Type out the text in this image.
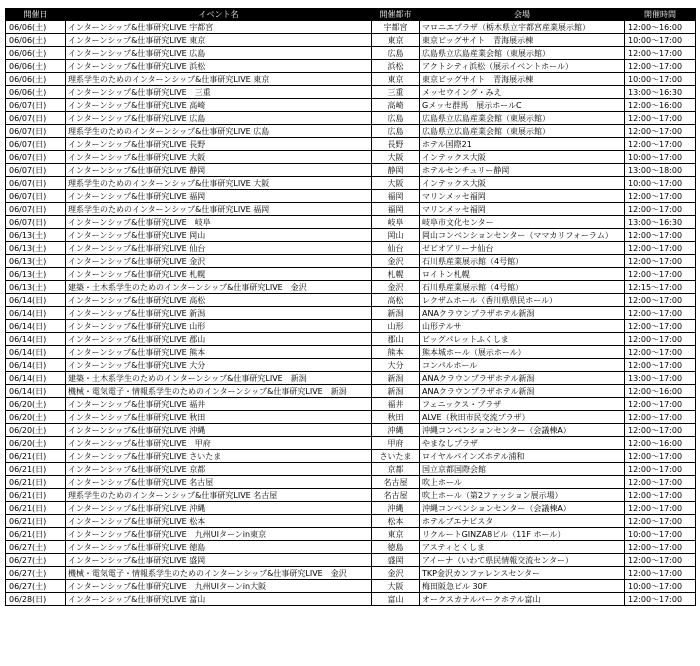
開催日	イベント名	開催都市	会場	開催時間
06/06(土)	インターンシップ&仕事研究LIVE 宇都宮	宇都宮	マロニエプラザ（栃木県立宇都宮産業展示館）	12:00～16:00
06/06(土)	インターンシップ&仕事研究LIVE 東京	東京	東京ビッグサイト　青海展示棟	10:00～17:00
06/06(土)	インターンシップ&仕事研究LIVE 広島	広島	広島県立広島産業会館（東展示館）	12:00～17:00
06/06(土)	インターンシップ&仕事研究LIVE 浜松	浜松	アクトシティ浜松（展示イベントホール）	12:00～17:00
06/06(土)	理系学生のためのインターンシップ&仕事研究LIVE 東京	東京	東京ビッグサイト　青海展示棟	10:00～17:00
06/06(土)	インターンシップ&仕事研究LIVE　三重	三重	メッセウイング・みえ	13:00～16:30
06/07(日)	インターンシップ&仕事研究LIVE 高崎	高崎	Gメッセ群馬　展示ホールC	12:00～16:00
06/07(日)	インターンシップ&仕事研究LIVE 広島	広島	広島県立広島産業会館（東展示館）	12:00～17:00
06/07(日)	理系学生のためのインターンシップ&仕事研究LIVE 広島	広島	広島県立広島産業会館（東展示館）	12:00～17:00
06/07(日)	インターンシップ&仕事研究LIVE 長野	長野	ホテル国際21	12:00～17:00
06/07(日)	インターンシップ&仕事研究LIVE 大阪	大阪	インテックス大阪	10:00～17:00
06/07(日)	インターンシップ&仕事研究LIVE 静岡	静岡	ホテルセンチュリー静岡	13:00～18:00
06/07(日)	理系学生のためのインターンシップ&仕事研究LIVE 大阪	大阪	インテックス大阪	10:00～17:00
06/07(日)	インターンシップ&仕事研究LIVE 福岡	福岡	マリンメッセ福岡	12:00～17:00
06/07(日)	理系学生のためのインターンシップ&仕事研究LIVE 福岡	福岡	マリンメッセ福岡	12:00～17:00
06/07(日)	インターンシップ&仕事研究LIVE　岐阜	岐阜	岐阜市文化センター	13:00～16:30
06/13(土)	インターンシップ&仕事研究LIVE 岡山	岡山	岡山コンベンションセンター（ママカリフォーラム）	12:00～17:00
06/13(土)	インターンシップ&仕事研究LIVE 仙台	仙台	ゼビオアリーナ仙台	12:00～17:00
06/13(土)	インターンシップ&仕事研究LIVE 金沢	金沢	石川県産業展示館（4号館）	12:00～17:00
06/13(土)	インターンシップ&仕事研究LIVE 札幌	札幌	ロイトン札幌	12:00～17:00
06/13(土)	建築・土木系学生のためのインターンシップ&仕事研究LIVE　金沢	金沢	石川県産業展示館（4号館）	12:15～17:00
06/14(日)	インターンシップ&仕事研究LIVE 高松	高松	レクザムホール（香川県県民ホール）	12:00～17:00
06/14(日)	インターンシップ&仕事研究LIVE 新潟	新潟	ANAクラウンプラザホテル新潟	12:00～17:00
06/14(日)	インターンシップ&仕事研究LIVE 山形	山形	山形テルサ	12:00～17:00
06/14(日)	インターンシップ&仕事研究LIVE 郡山	郡山	ビッグパレットふくしま	12:00～17:00
06/14(日)	インターンシップ&仕事研究LIVE 熊本	熊本	熊本城ホール（展示ホール）	12:00～17:00
06/14(日)	インターンシップ&仕事研究LIVE 大分	大分	コンパルホール	12:00～17:00
06/14(日)	建築・土木系学生のためのインターンシップ&仕事研究LIVE　新潟	新潟	ANAクラウンプラザホテル新潟	13:00～17:00
06/14(日)	機械・電気電子・情報系学生のためのインターンシップ&仕事研究LIVE　新潟	新潟	ANAクラウンプラザホテル新潟	12:00～16:00
06/20(土)	インターンシップ&仕事研究LIVE 福井	福井	フェニックス・プラザ	12:00～17:00
06/20(土)	インターンシップ&仕事研究LIVE 秋田	秋田	ALVE（秋田市民交流プラザ）	12:00～17:00
06/20(土)	インターンシップ&仕事研究LIVE 沖縄	沖縄	沖縄コンベンションセンター（会議棟A）	12:00～17:00
06/20(土)	インターンシップ&仕事研究LIVE　甲府	甲府	やまなしプラザ	12:00～16:00
06/21(日)	インターンシップ&仕事研究LIVE さいたま	さいたま	ロイヤルパインズホテル浦和	12:00～17:00
06/21(日)	インターンシップ&仕事研究LIVE 京都	京都	国立京都国際会館	12:00～17:00
06/21(日)	インターンシップ&仕事研究LIVE 名古屋	名古屋	吹上ホール	12:00～17:00
06/21(日)	理系学生のためのインターンシップ&仕事研究LIVE 名古屋	名古屋	吹上ホール（第2ファッション展示場）	12:00～17:00
06/21(日)	インターンシップ&仕事研究LIVE 沖縄	沖縄	沖縄コンベンションセンター（会議棟A）	12:00～17:00
06/21(日)	インターンシップ&仕事研究LIVE 松本	松本	ホテルブエナビスタ	12:00～17:00
06/21(日)	インターンシップ&仕事研究LIVE　九州UIターンin東京	東京	リクルートGINZA8ビル（11F ホール）	10:00～17:00
06/27(土)	インターンシップ&仕事研究LIVE 徳島	徳島	アスティとくしま	12:00～17:00
06/27(土)	インターンシップ&仕事研究LIVE 盛岡	盛岡	アイーナ（いわて県民情報交流センター）	12:00～17:00
06/27(土)	機械・電気電子・情報系学生のためのインターンシップ&仕事研究LIVE　金沢	金沢	TKP金沢カンファレンスセンター	12:00～17:00
06/27(土)	インターンシップ&仕事研究LIVE　九州UIターンin大阪	大阪	梅田阪急ビル 30F	10:00～17:00
06/28(日)	インターンシップ&仕事研究LIVE 富山	富山	オークスカナルパークホテル富山	12:00～17:00
